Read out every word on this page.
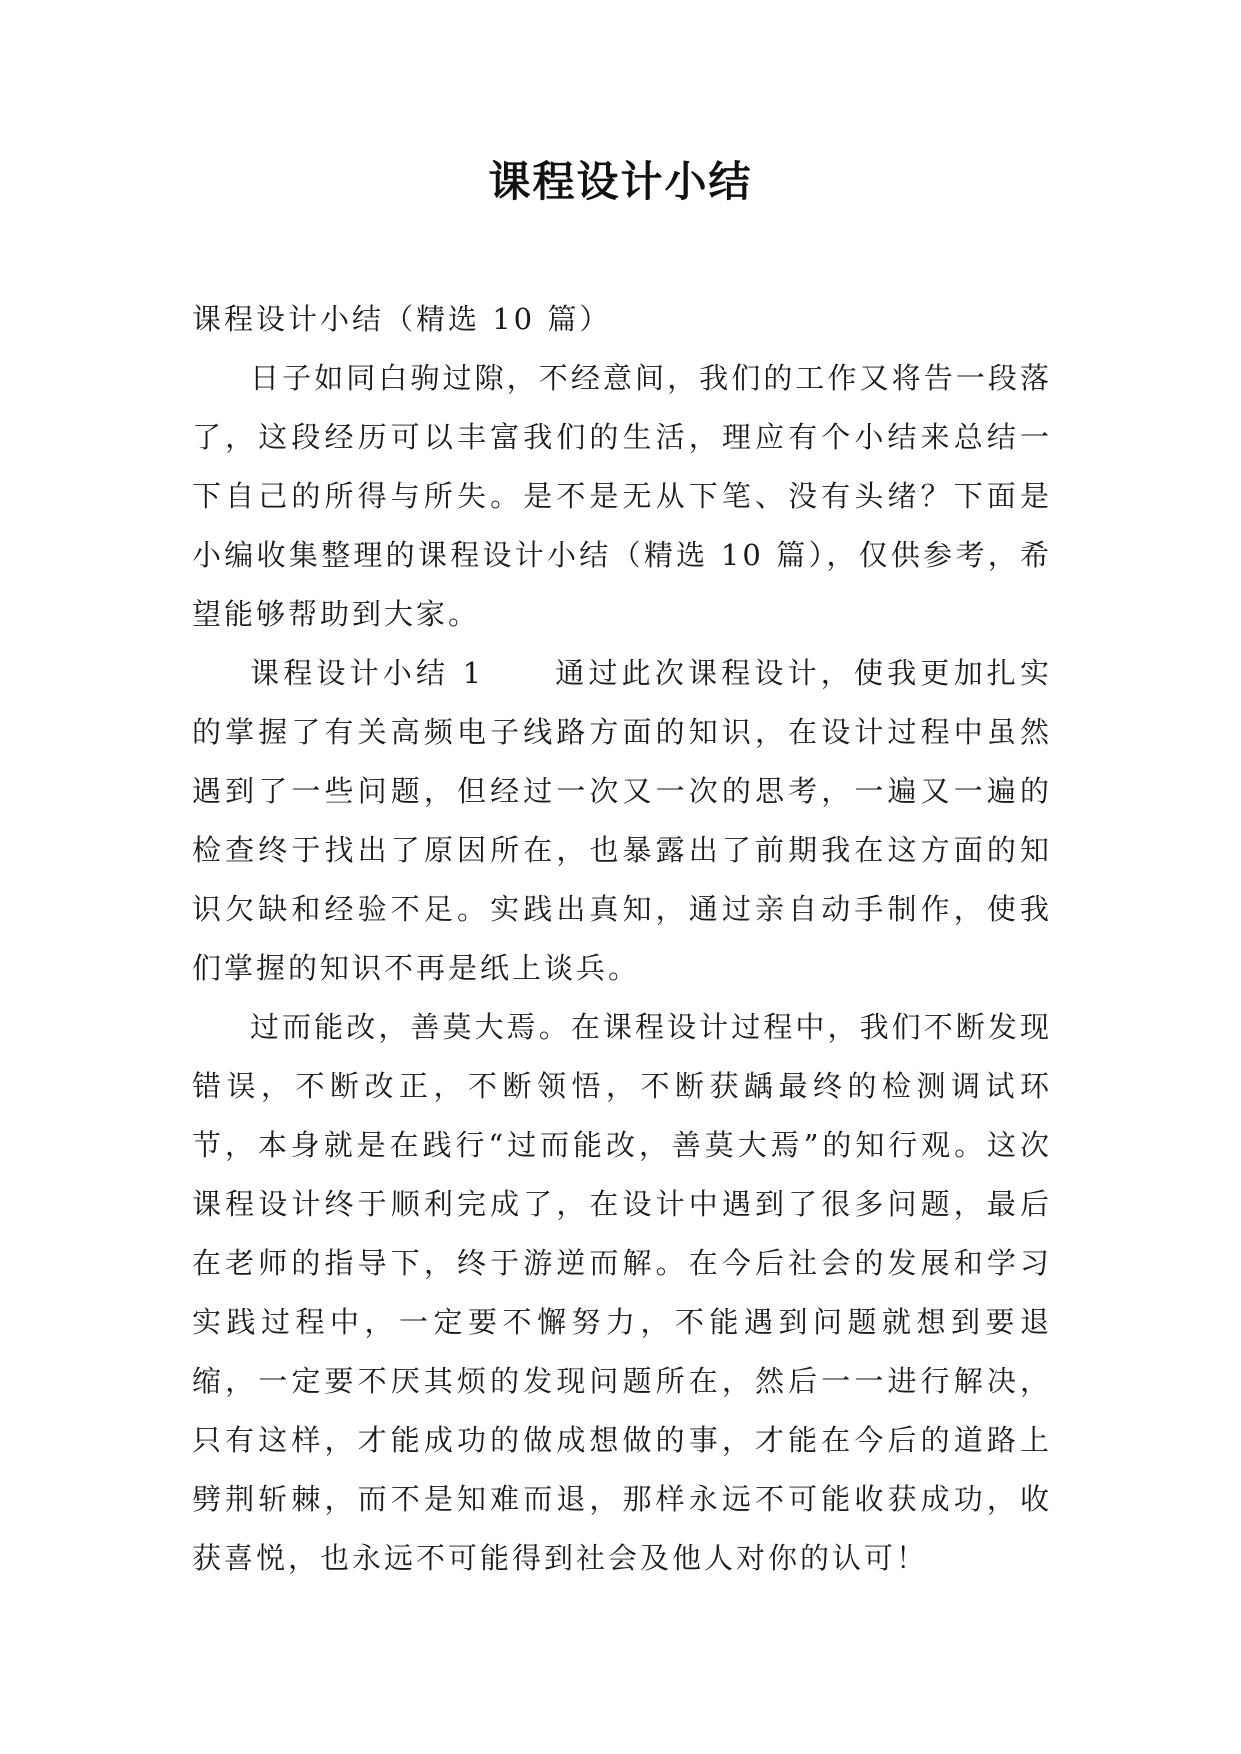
课程设计小结

课程设计小结（精选 10 篇）

日子如同白驹过隙，不经意间，我们的工作又将告一段落了，这段经历可以丰富我们的生活，理应有个小结来总结一下自己的所得与所失。是不是无从下笔、没有头绪？下面是小编收集整理的课程设计小结（精选 10 篇），仅供参考，希望能够帮助到大家。

课程设计小结 1 通过此次课程设计，使我更加扎实的掌握了有关高频电子线路方面的知识，在设计过程中虽然遇到了一些问题，但经过一次又一次的思考，一遍又一遍的检查终于找出了原因所在，也暴露出了前期我在这方面的知识欠缺和经验不足。实践出真知，通过亲自动手制作，使我们掌握的知识不再是纸上谈兵。

过而能改，善莫大焉。在课程设计过程中，我们不断发现错误，不断改正，不断领悟，不断获龋最终的检测调试环节，本身就是在践行“过而能改，善莫大焉”的知行观。这次课程设计终于顺利完成了，在设计中遇到了很多问题，最后在老师的指导下，终于游逆而解。在今后社会的发展和学习实践过程中，一定要不懈努力，不能遇到问题就想到要退缩，一定要不厌其烦的发现问题所在，然后一一进行解决，只有这样，才能成功的做成想做的事，才能在今后的道路上劈荆斩棘，而不是知难而退，那样永远不可能收获成功，收获喜悦，也永远不可能得到社会及他人对你的认可！
